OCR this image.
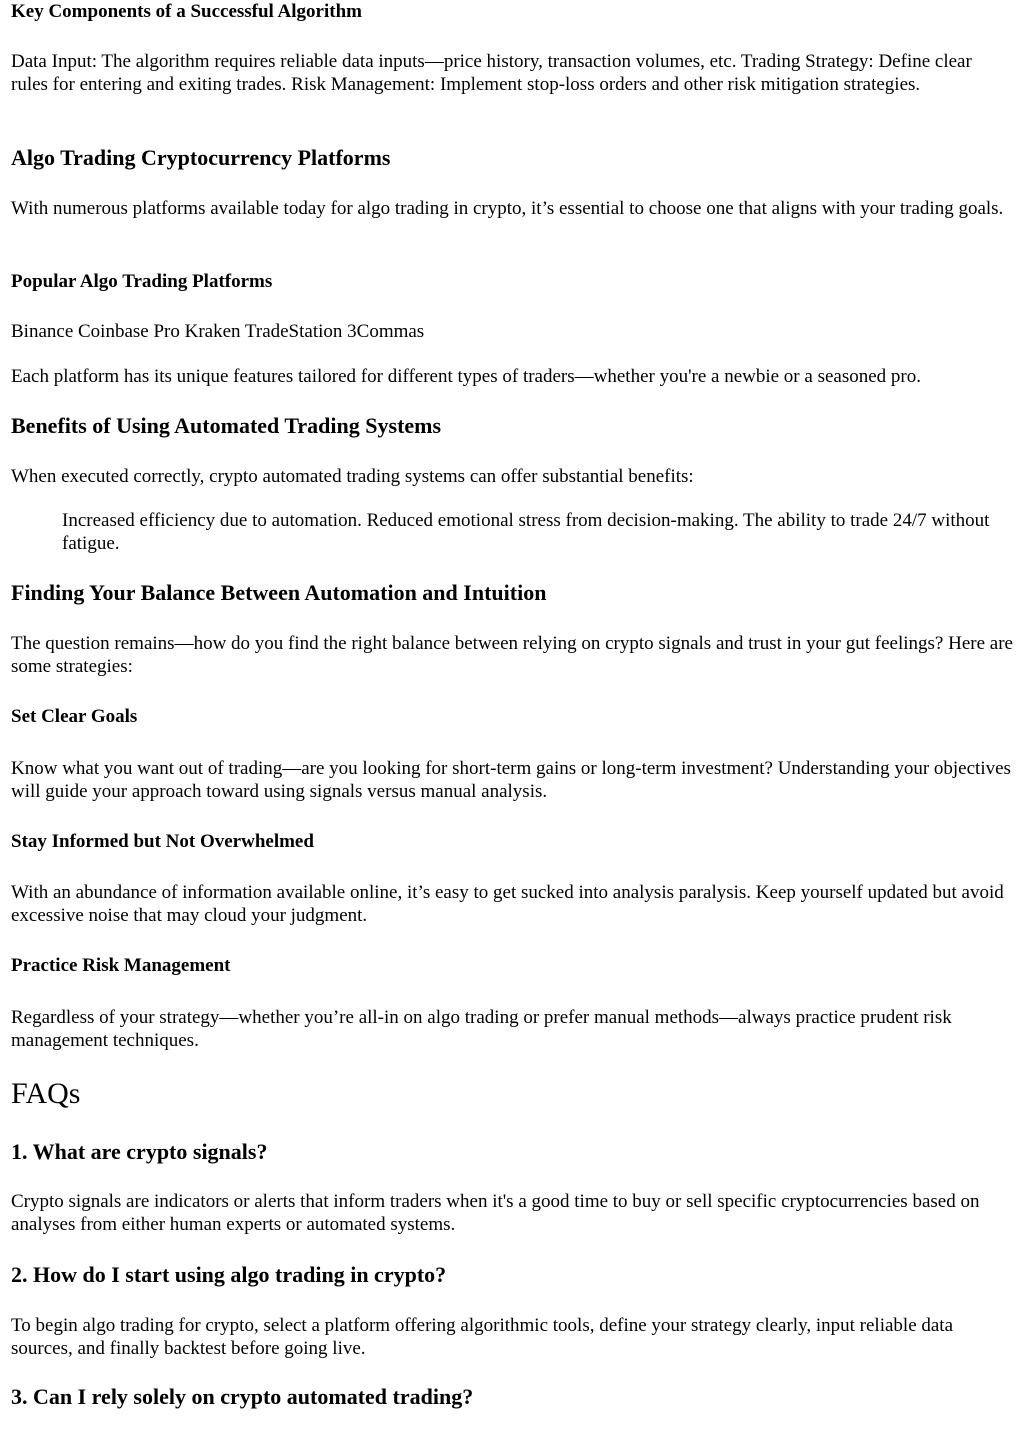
Key Components of a Successful Algorithm

Data Input: The algorithm requires reliable data inputs—price history, transaction volumes, etc. Trading Strategy: Define clear rules for entering and exiting trades. Risk Management: Implement stop-loss orders and other risk mitigation strategies.

Algo Trading Cryptocurrency Platforms

With numerous platforms available today for algo trading in crypto, it’s essential to choose one that aligns with your trading goals.

Popular Algo Trading Platforms

Binance Coinbase Pro Kraken TradeStation 3Commas

Each platform has its unique features tailored for different types of traders—whether you're a newbie or a seasoned pro.

Benefits of Using Automated Trading Systems

When executed correctly, crypto automated trading systems can offer substantial benefits:

Increased efficiency due to automation. Reduced emotional stress from decision-making. The ability to trade 24/7 without fatigue.
Finding Your Balance Between Automation and Intuition

The question remains—how do you find the right balance between relying on crypto signals and trust in your gut feelings? Here are some strategies:

Set Clear Goals

Know what you want out of trading—are you looking for short-term gains or long-term investment? Understanding your objectives will guide your approach toward using signals versus manual analysis.

Stay Informed but Not Overwhelmed

With an abundance of information available online, it’s easy to get sucked into analysis paralysis. Keep yourself updated but avoid excessive noise that may cloud your judgment.

Practice Risk Management

Regardless of your strategy—whether you’re all-in on algo trading or prefer manual methods—always practice prudent risk management techniques.

FAQs
1. What are crypto signals?

Crypto signals are indicators or alerts that inform traders when it's a good time to buy or sell specific cryptocurrencies based on analyses from either human experts or automated systems.

2. How do I start using algo trading in crypto?

To begin algo trading for crypto, select a platform offering algorithmic tools, define your strategy clearly, input reliable data sources, and finally backtest before going live.

3. Can I rely solely on crypto automated trading?
